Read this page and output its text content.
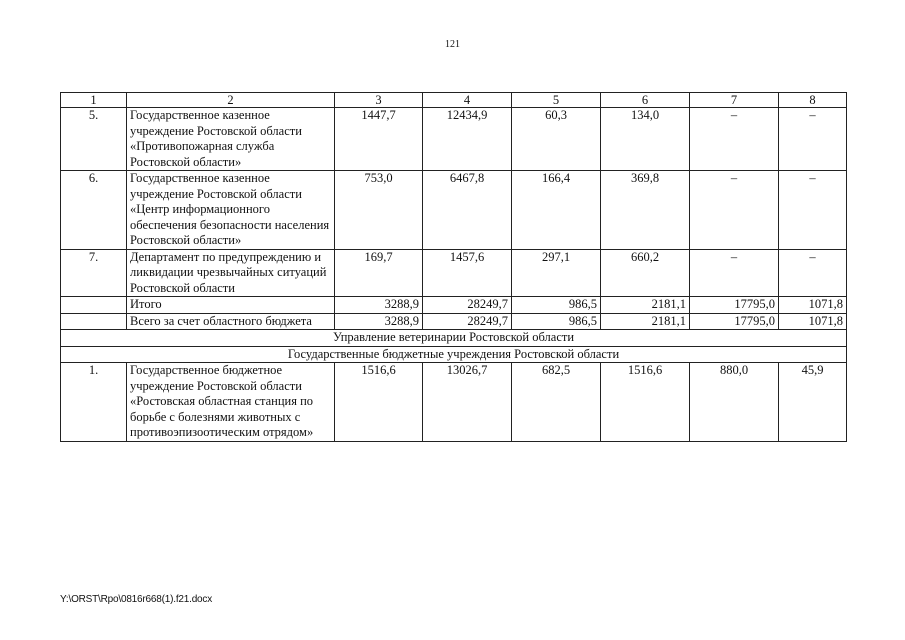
121
1	2	3	4	5	6	7	8
5.	Государственное казенное учреждение Ростовской области «Противопожарная служба Ростовской области»	1447,7	12434,9	60,3	134,0	–	–
6.	Государственное казенное учреждение Ростовской области «Центр информационного обеспечения безопасности населения Ростовской области»	753,0	6467,8	166,4	369,8	–	–
7.	Департамент по предупреждению и ликвидации чрезвычайных ситуаций Ростовской области	169,7	1457,6	297,1	660,2	–	–
	Итого	3288,9	28249,7	986,5	2181,1	17795,0	1071,8
	Всего за счет областного бюджета	3288,9	28249,7	986,5	2181,1	17795,0	1071,8
Управление ветеринарии Ростовской области							
Государственные бюджетные учреждения Ростовской области							
1.	Государственное бюджетное учреждение Ростовской области «Ростовская областная станция по борьбе с болезнями животных с противоэпизоотическим отрядом»	1516,6	13026,7	682,5	1516,6	880,0	45,9
Y:\ORST\Rpo\0816r668(1).f21.docx
